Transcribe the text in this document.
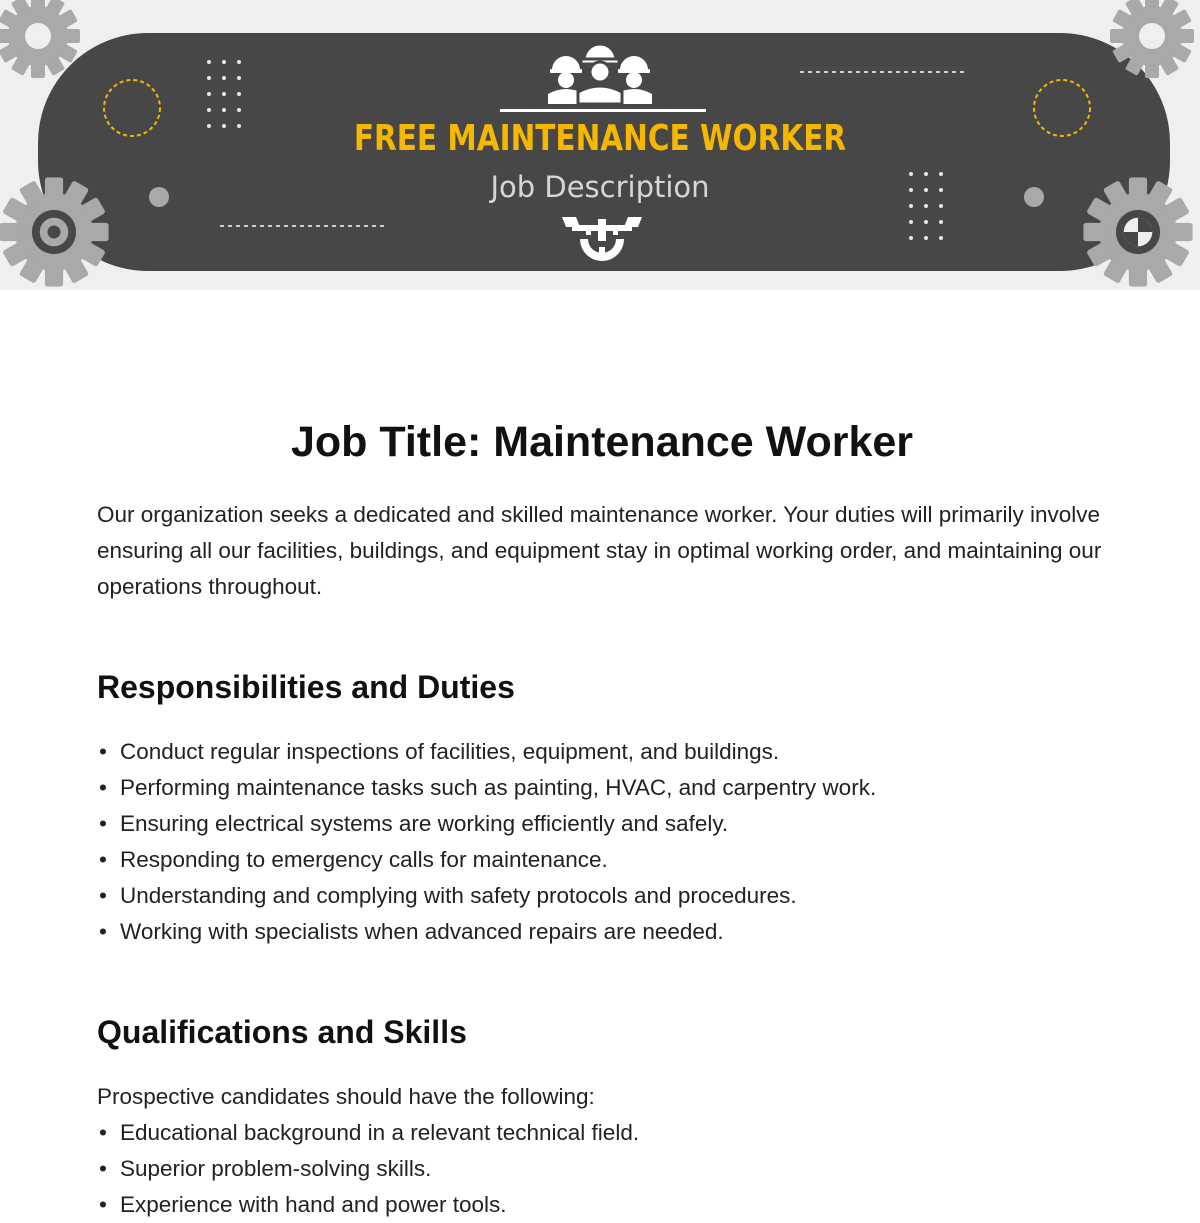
FREE MAINTENANCE WORKER
Job Description
Job Title: Maintenance Worker

Our organization seeks a dedicated and skilled maintenance worker. Your duties will primarily involve ensuring all our facilities, buildings, and equipment stay in optimal working order, and maintaining our operations throughout.

Responsibilities and Duties
• Conduct regular inspections of facilities, equipment, and buildings.
• Performing maintenance tasks such as painting, HVAC, and carpentry work.
• Ensuring electrical systems are working efficiently and safely.
• Responding to emergency calls for maintenance.
• Understanding and complying with safety protocols and procedures.
• Working with specialists when advanced repairs are needed.
Qualifications and Skills

Prospective candidates should have the following:

• Educational background in a relevant technical field.
• Superior problem-solving skills.
• Experience with hand and power tools.
